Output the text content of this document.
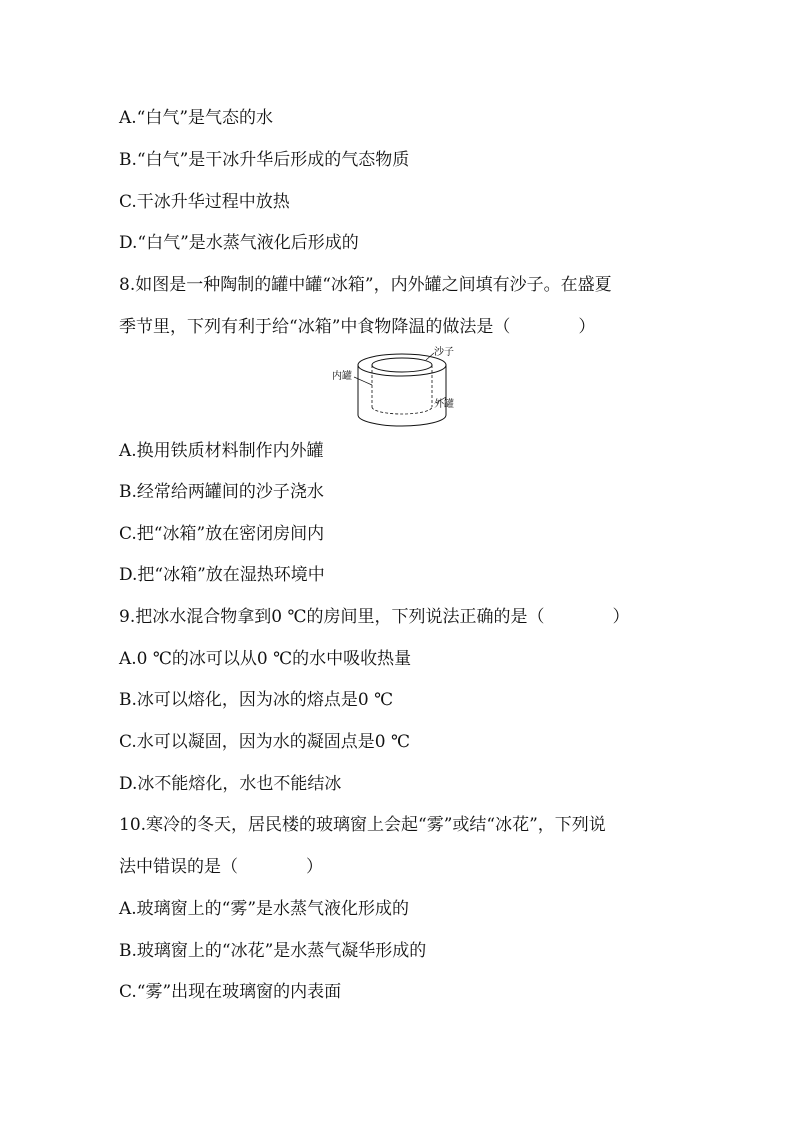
A.“白气”是气态的水
B.“白气”是干冰升华后形成的气态物质
C.干冰升华过程中放热
D.“白气”是水蒸气液化后形成的
8.如图是一种陶制的罐中罐“冰箱”，内外罐之间填有沙子。在盛夏
季节里，下列有利于给“冰箱”中食物降温的做法是（　　　　）
沙子
内罐
外罐
A.换用铁质材料制作内外罐
B.经常给两罐间的沙子浇水
C.把“冰箱”放在密闭房间内
D.把“冰箱”放在湿热环境中
9.把冰水混合物拿到0 ℃的房间里，下列说法正确的是（　　　　）
A.0 ℃的冰可以从0 ℃的水中吸收热量
B.冰可以熔化，因为冰的熔点是0 ℃
C.水可以凝固，因为水的凝固点是0 ℃
D.冰不能熔化，水也不能结冰
10.寒冷的冬天，居民楼的玻璃窗上会起“雾”或结“冰花”，下列说
法中错误的是（　　　　）
A.玻璃窗上的“雾”是水蒸气液化形成的
B.玻璃窗上的“冰花”是水蒸气凝华形成的
C.“雾”出现在玻璃窗的内表面
